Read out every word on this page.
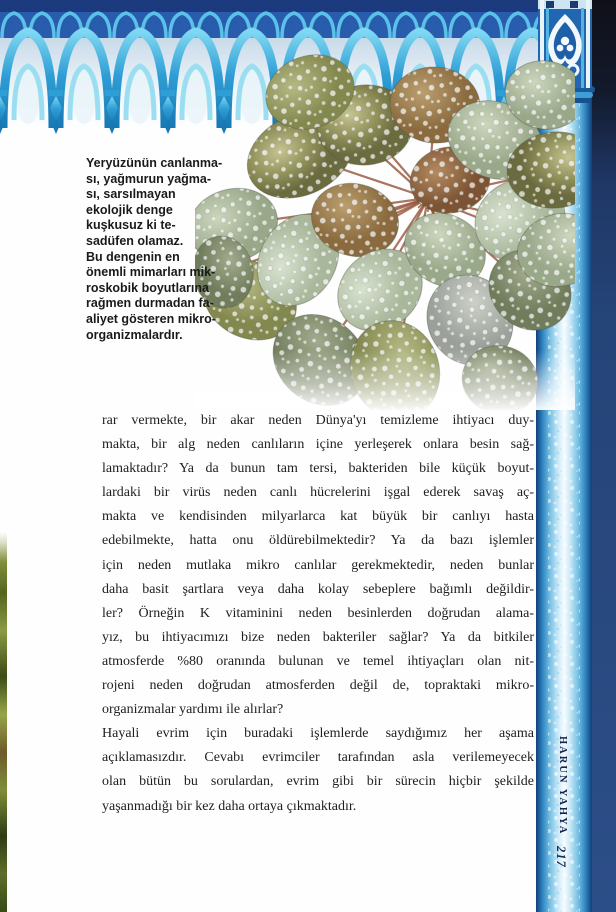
Yeryüzünün canlanma-
sı, yağmurun yağma-
sı, sarsılmayan
ekolojik denge
kuşkusuz ki te-
sadüfen olamaz.
Bu dengenin en
önemli mimarları mik-
roskobik boyutlarına
rağmen durmadan fa-
aliyet gösteren mikro-
organizmalardır.
rar vermekte, bir akar neden Dünya'yı temizleme ihtiyacı duy-
makta, bir alg neden canlıların içine yerleşerek onlara besin sağ-
lamaktadır? Ya da bunun tam tersi, bakteriden bile küçük boyut-
lardaki bir virüs neden canlı hücrelerini işgal ederek savaş aç-
makta ve kendisinden milyarlarca kat büyük bir canlıyı hasta
edebilmekte, hatta onu öldürebilmektedir? Ya da bazı işlemler
için neden mutlaka mikro canlılar gerekmektedir, neden bunlar
daha basit şartlara veya daha kolay sebeplere bağımlı değildir-
ler? Örneğin K vitaminini neden besinlerden doğrudan alama-
yız, bu ihtiyacımızı bize neden bakteriler sağlar? Ya da bitkiler
atmosferde %80 oranında bulunan ve temel ihtiyaçları olan nit-
rojeni neden doğrudan atmosferden değil de, topraktaki mikro-
organizmalar yardımı ile alırlar?
Hayali evrim için buradaki işlemlerde saydığımız her aşama
açıklamasızdır. Cevabı evrimciler tarafından asla verilemeyecek
olan bütün bu sorulardan, evrim gibi bir sürecin hiçbir şekilde
yaşanmadığı bir kez daha ortaya çıkmaktadır.	HARUN YAHYA
217
